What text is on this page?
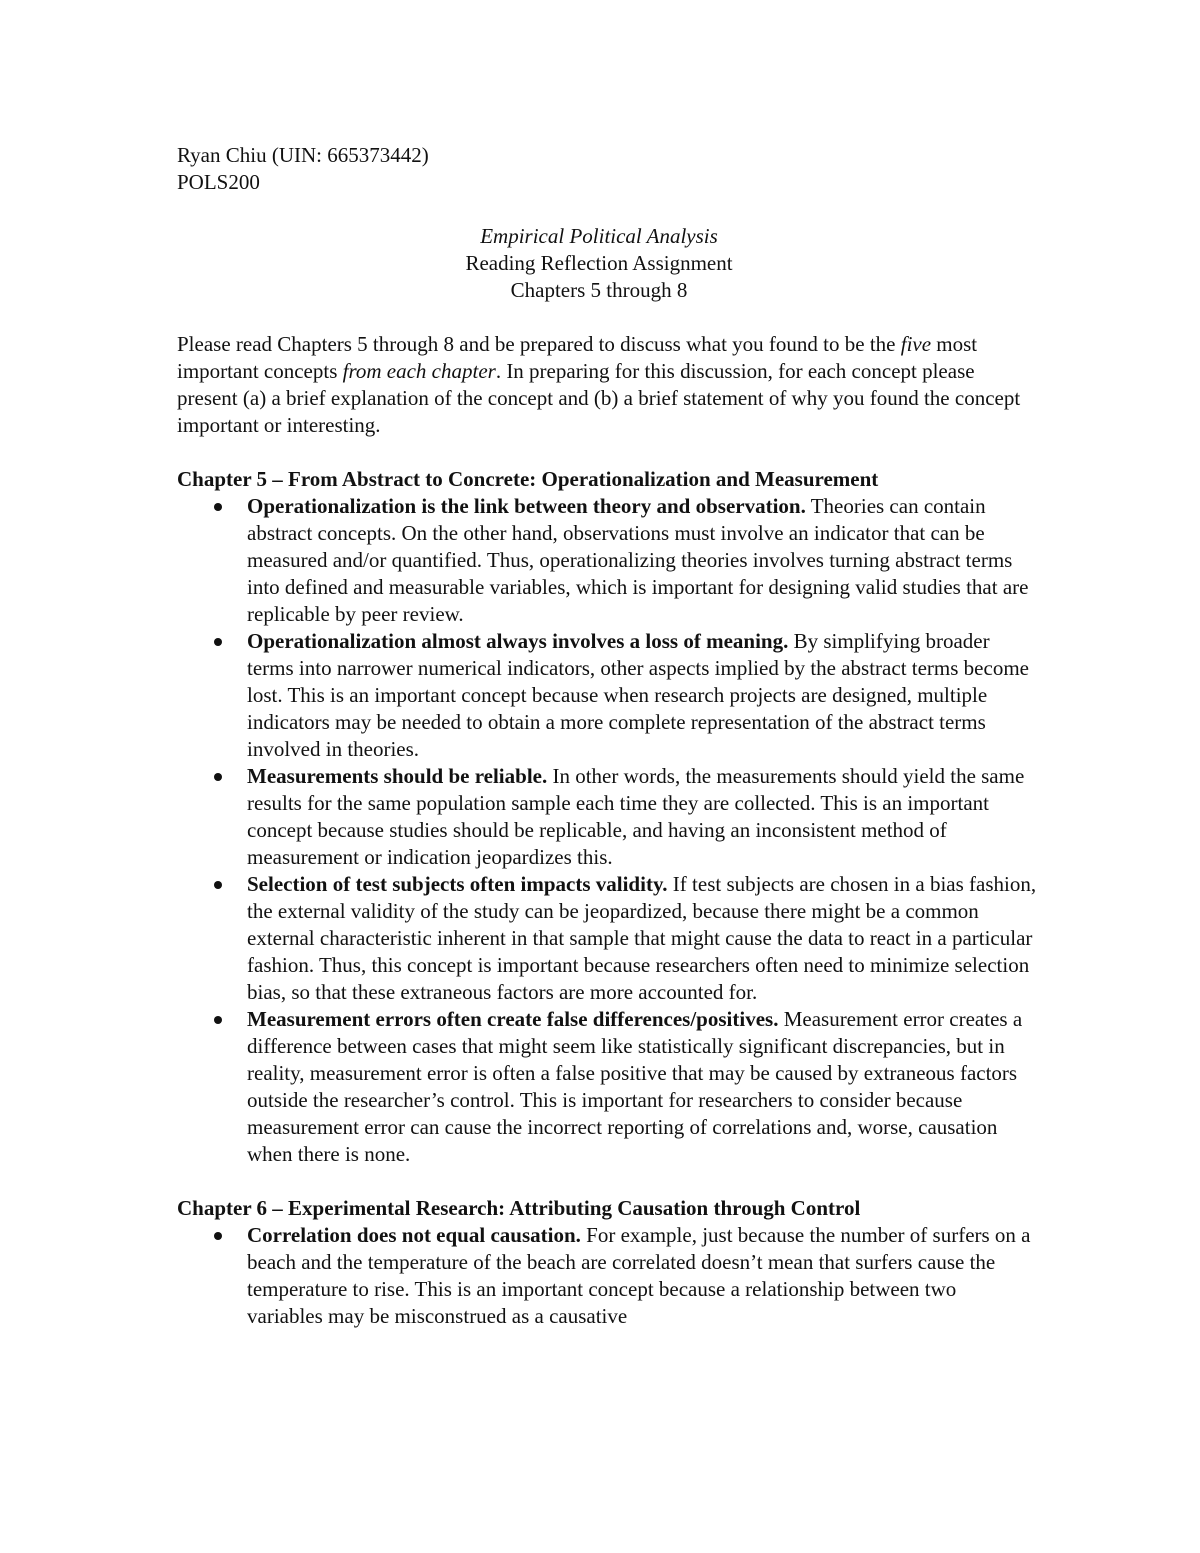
Ryan Chiu (UIN: 665373442)
POLS200
Empirical Political Analysis
Reading Reflection Assignment
Chapters 5 through 8

Please read Chapters 5 through 8 and be prepared to discuss what you found to be the five most important concepts from each chapter. In preparing for this discussion, for each concept please present (a) a brief explanation of the concept and (b) a brief statement of why you found the concept important or interesting.

Chapter 5 – From Abstract to Concrete: Operationalization and Measurement

Operationalization is the link between theory and observation. Theories can contain abstract concepts. On the other hand, observations must involve an indicator that can be measured and/or quantified. Thus, operationalizing theories involves turning abstract terms into defined and measurable variables, which is important for designing valid studies that are replicable by peer review.
Operationalization almost always involves a loss of meaning. By simplifying broader terms into narrower numerical indicators, other aspects implied by the abstract terms become lost. This is an important concept because when research projects are designed, multiple indicators may be needed to obtain a more complete representation of the abstract terms involved in theories.
Measurements should be reliable. In other words, the measurements should yield the same results for the same population sample each time they are collected. This is an important concept because studies should be replicable, and having an inconsistent method of measurement or indication jeopardizes this.
Selection of test subjects often impacts validity. If test subjects are chosen in a bias fashion, the external validity of the study can be jeopardized, because there might be a common external characteristic inherent in that sample that might cause the data to react in a particular fashion. Thus, this concept is important because researchers often need to minimize selection bias, so that these extraneous factors are more accounted for.
Measurement errors often create false differences/positives. Measurement error creates a difference between cases that might seem like statistically significant discrepancies, but in reality, measurement error is often a false positive that may be caused by extraneous factors outside the researcher’s control. This is important for researchers to consider because measurement error can cause the incorrect reporting of correlations and, worse, causation when there is none.

Chapter 6 – Experimental Research: Attributing Causation through Control

Correlation does not equal causation. For example, just because the number of surfers on a beach and the temperature of the beach are correlated doesn’t mean that surfers cause the temperature to rise. This is an important concept because a relationship between two variables may be misconstrued as a causative
